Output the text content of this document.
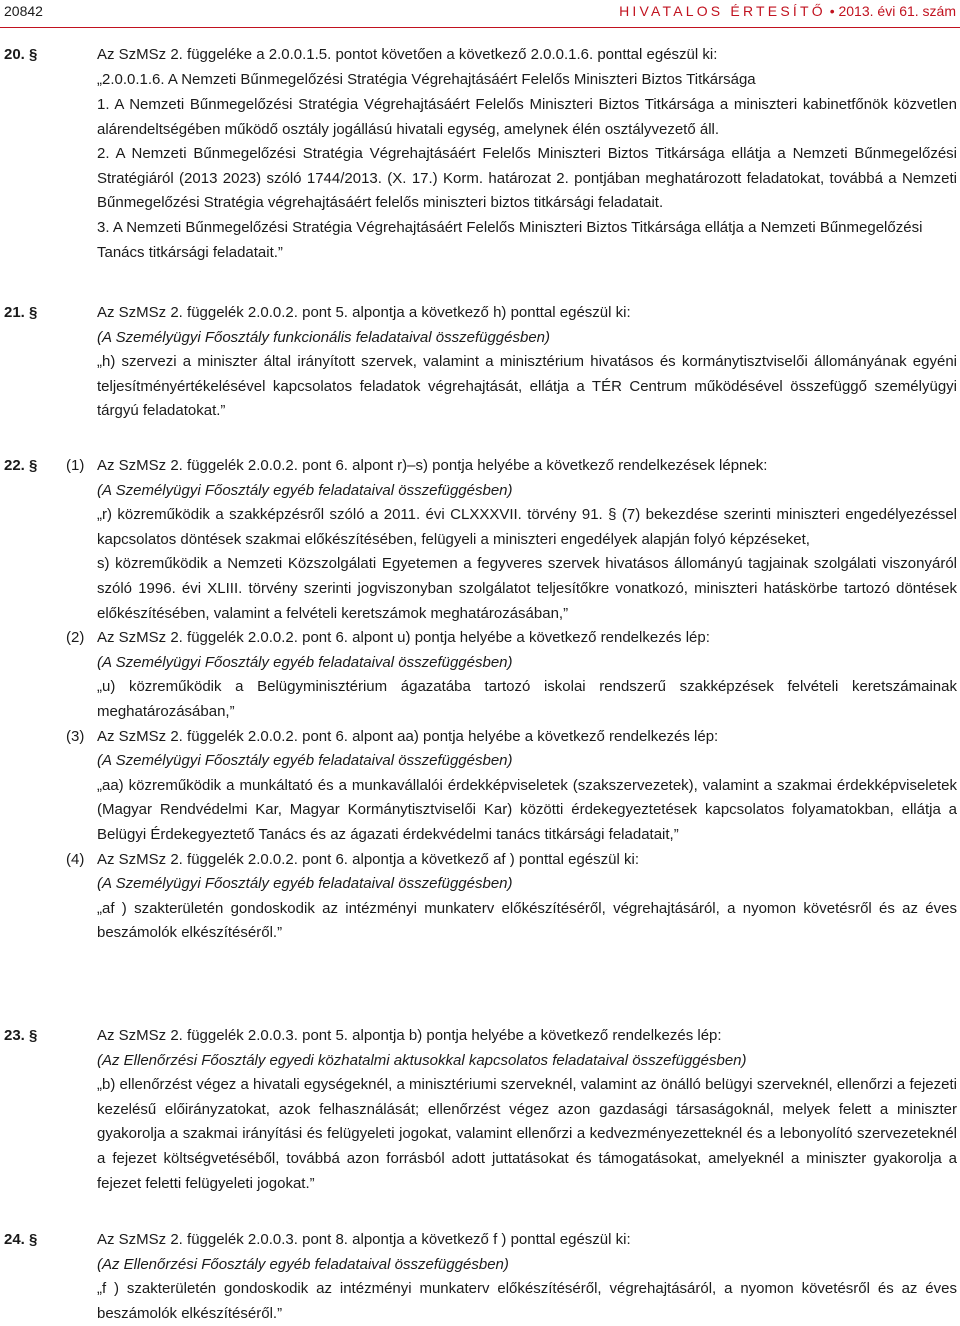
20842	HIVATALOS ÉRTESÍTŐ • 2013. évi 61. szám
20. §	Az SzMSz 2. függeléke a 2.0.0.1.5. pontot követően a következő 2.0.0.1.6. ponttal egészül ki:

„2.0.0.1.6. A Nemzeti Bűnmegelőzési Stratégia Végrehajtásáért Felelős Miniszteri Biztos Titkársága

1. A Nemzeti Bűnmegelőzési Stratégia Végrehajtásáért Felelős Miniszteri Biztos Titkársága a miniszteri kabinetfőnök közvetlen alárendeltségében működő osztály jogállású hivatali egység, amelynek élén osztályvezető áll.

2. A Nemzeti Bűnmegelőzési Stratégia Végrehajtásáért Felelős Miniszteri Biztos Titkársága ellátja a Nemzeti Bűnmegelőzési Stratégiáról (2013 2023) szóló 1744/2013. (X. 17.) Korm. határozat 2. pontjában meghatározott feladatokat, továbbá a Nemzeti Bűnmegelőzési Stratégia végrehajtásáért felelős miniszteri biztos titkársági feladatait.

3. A Nemzeti Bűnmegelőzési Stratégia Végrehajtásáért Felelős Miniszteri Biztos Titkársága ellátja a Nemzeti Bűnmegelőzési Tanács titkársági feladatait.”

21. §	Az SzMSz 2. függelék 2.0.0.2. pont 5. alpontja a következő h) ponttal egészül ki:

(A Személyügyi Főosztály funkcionális feladataival összefüggésben)

„h) szervezi a miniszter által irányított szervek, valamint a minisztérium hivatásos és kormánytisztviselői állományának egyéni teljesítményértékelésével kapcsolatos feladatok végrehajtását, ellátja a TÉR Centrum működésével összefüggő személyügyi tárgyú feladatokat.”

22. § (1) Az SzMSz 2. függelék 2.0.0.2. pont 6. alpont r)–s) pontja helyébe a következő rendelkezések lépnek:

(A Személyügyi Főosztály egyéb feladataival összefüggésben)

„r) közreműködik a szakképzésről szóló a 2011. évi CLXXXVII. törvény 91. § (7) bekezdése szerinti miniszteri engedélyezéssel kapcsolatos döntések szakmai előkészítésében, felügyeli a miniszteri engedélyek alapján folyó képzéseket,

s) közreműködik a Nemzeti Közszolgálati Egyetemen a fegyveres szervek hivatásos állományú tagjainak szolgálati viszonyáról szóló 1996. évi XLIII. törvény szerinti jogviszonyban szolgálatot teljesítőkre vonatkozó, miniszteri hatáskörbe tartozó döntések előkészítésében, valamint a felvételi keretszámok meghatározásában,”

(2) Az SzMSz 2. függelék 2.0.0.2. pont 6. alpont u) pontja helyébe a következő rendelkezés lép:

(A Személyügyi Főosztály egyéb feladataival összefüggésben)

„u) közreműködik a Belügyminisztérium ágazatába tartozó iskolai rendszerű szakképzések felvételi keretszámainak meghatározásában,”

(3) Az SzMSz 2. függelék 2.0.0.2. pont 6. alpont aa) pontja helyébe a következő rendelkezés lép:

(A Személyügyi Főosztály egyéb feladataival összefüggésben)

„aa) közreműködik a munkáltató és a munkavállalói érdekképviseletek (szakszervezetek), valamint a szakmai érdekképviseletek (Magyar Rendvédelmi Kar, Magyar Kormánytisztviselői Kar) közötti érdekegyeztetések kapcsolatos folyamatokban, ellátja a Belügyi Érdekegyeztető Tanács és az ágazati érdekvédelmi tanács titkársági feladatait,”

(4) Az SzMSz 2. függelék 2.0.0.2. pont 6. alpontja a következő af ) ponttal egészül ki:

(A Személyügyi Főosztály egyéb feladataival összefüggésben)

„af ) szakterületén gondoskodik az intézményi munkaterv előkészítéséről, végrehajtásáról, a nyomon követésről és az éves beszámolók elkészítéséről.”

23. §	Az SzMSz 2. függelék 2.0.0.3. pont 5. alpontja b) pontja helyébe a következő rendelkezés lép:

(Az Ellenőrzési Főosztály egyedi közhatalmi aktusokkal kapcsolatos feladataival összefüggésben)

„b) ellenőrzést végez a hivatali egységeknél, a minisztériumi szerveknél, valamint az önálló belügyi szerveknél, ellenőrzi a fejezeti kezelésű előirányzatokat, azok felhasználását; ellenőrzést végez azon gazdasági társaságoknál, melyek felett a miniszter gyakorolja a szakmai irányítási és felügyeleti jogokat, valamint ellenőrzi a kedvezményezetteknél és a lebonyolító szervezeteknél a fejezet költségvetéséből, továbbá azon forrásból adott juttatásokat és támogatásokat, amelyeknél a miniszter gyakorolja a fejezet feletti felügyeleti jogokat.”

24. §	Az SzMSz 2. függelék 2.0.0.3. pont 8. alpontja a következő f ) ponttal egészül ki:

(Az Ellenőrzési Főosztály egyéb feladataival összefüggésben)

„f ) szakterületén gondoskodik az intézményi munkaterv előkészítéséről, végrehajtásáról, a nyomon követésről és az éves beszámolók elkészítéséről.”
